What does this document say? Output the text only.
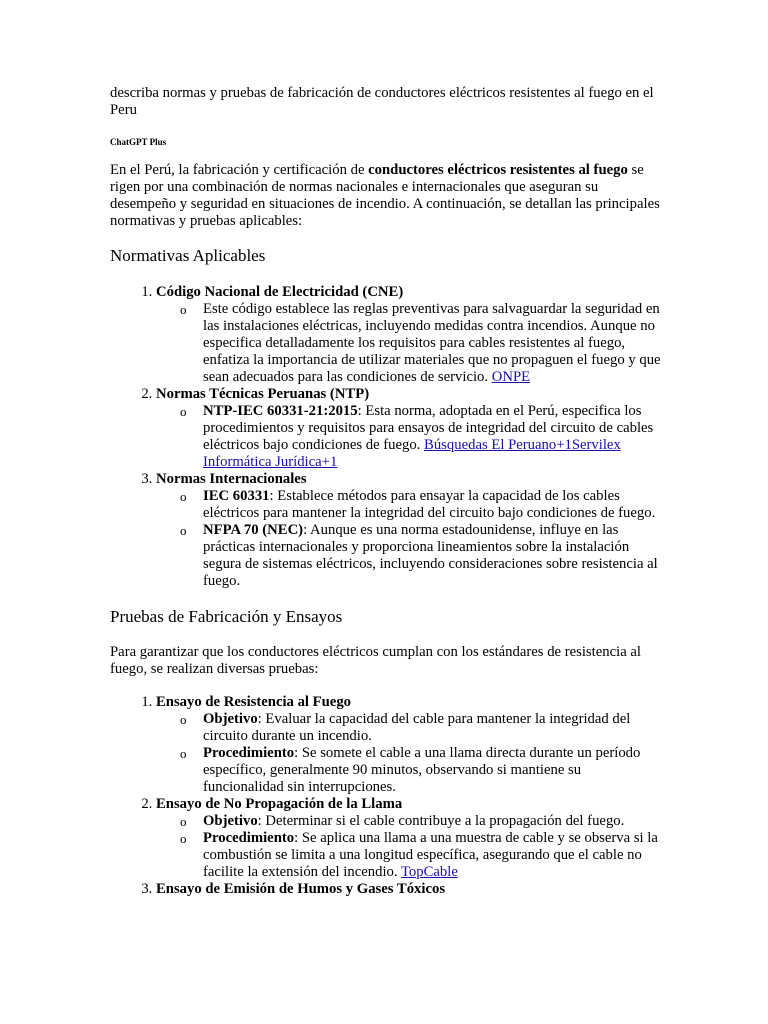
describa normas y pruebas de fabricación de conductores eléctricos resistentes al fuego en el Peru

ChatGPT Plus

En el Perú, la fabricación y certificación de conductores eléctricos resistentes al fuego se rigen por una combinación de normas nacionales e internacionales que aseguran su desempeño y seguridad en situaciones de incendio. A continuación, se detallan las principales normativas y pruebas aplicables:

Normativas Aplicables
1. Código Nacional de Electricidad (CNE)
o Este código establece las reglas preventivas para salvaguardar la seguridad en las instalaciones eléctricas, incluyendo medidas contra incendios. Aunque no especifica detalladamente los requisitos para cables resistentes al fuego, enfatiza la importancia de utilizar materiales que no propaguen el fuego y que sean adecuados para las condiciones de servicio. ONPE
2. Normas Técnicas Peruanas (NTP)
o NTP-IEC 60331-21:2015: Esta norma, adoptada en el Perú, especifica los procedimientos y requisitos para ensayos de integridad del circuito de cables eléctricos bajo condiciones de fuego. Búsquedas El Peruano+1Servilex Informática Jurídica+1
3. Normas Internacionales
o IEC 60331: Establece métodos para ensayar la capacidad de los cables eléctricos para mantener la integridad del circuito bajo condiciones de fuego.
o NFPA 70 (NEC): Aunque es una norma estadounidense, influye en las prácticas internacionales y proporciona lineamientos sobre la instalación segura de sistemas eléctricos, incluyendo consideraciones sobre resistencia al fuego.
Pruebas de Fabricación y Ensayos

Para garantizar que los conductores eléctricos cumplan con los estándares de resistencia al fuego, se realizan diversas pruebas:

1. Ensayo de Resistencia al Fuego
o Objetivo: Evaluar la capacidad del cable para mantener la integridad del circuito durante un incendio.
o Procedimiento: Se somete el cable a una llama directa durante un período específico, generalmente 90 minutos, observando si mantiene su funcionalidad sin interrupciones.
2. Ensayo de No Propagación de la Llama
o Objetivo: Determinar si el cable contribuye a la propagación del fuego.
o Procedimiento: Se aplica una llama a una muestra de cable y se observa si la combustión se limita a una longitud específica, asegurando que el cable no facilite la extensión del incendio. TopCable
3. Ensayo de Emisión de Humos y Gases Tóxicos
